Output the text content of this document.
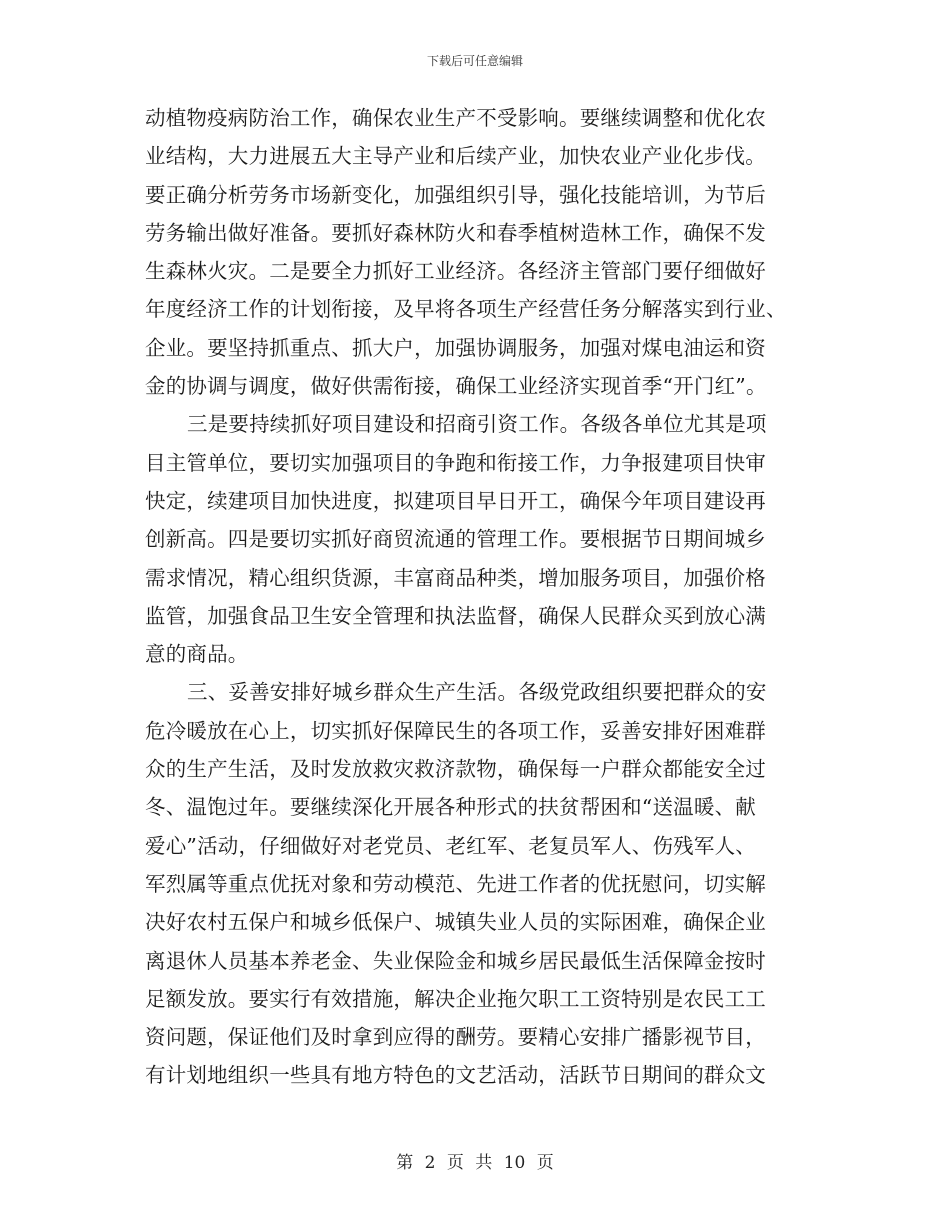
下载后可任意编辑
动植物疫病防治工作，确保农业生产不受影响。要继续调整和优化农
业结构，大力进展五大主导产业和后续产业，加快农业产业化步伐。
要正确分析劳务市场新变化，加强组织引导，强化技能培训，为节后
劳务输出做好准备。要抓好森林防火和春季植树造林工作，确保不发
生森林火灾。二是要全力抓好工业经济。各经济主管部门要仔细做好
年度经济工作的计划衔接，及早将各项生产经营任务分解落实到行业、
企业。要坚持抓重点、抓大户，加强协调服务，加强对煤电油运和资
金的协调与调度，做好供需衔接，确保工业经济实现首季“开门红”。
三是要持续抓好项目建设和招商引资工作。各级各单位尤其是项
目主管单位，要切实加强项目的争跑和衔接工作，力争报建项目快审
快定，续建项目加快进度，拟建项目早日开工，确保今年项目建设再
创新高。四是要切实抓好商贸流通的管理工作。要根据节日期间城乡
需求情况，精心组织货源，丰富商品种类，增加服务项目，加强价格
监管，加强食品卫生安全管理和执法监督，确保人民群众买到放心满
意的商品。
三、妥善安排好城乡群众生产生活。各级党政组织要把群众的安
危冷暖放在心上，切实抓好保障民生的各项工作，妥善安排好困难群
众的生产生活，及时发放救灾救济款物，确保每一户群众都能安全过
冬、温饱过年。要继续深化开展各种形式的扶贫帮困和“送温暖、献
爱心”活动，仔细做好对老党员、老红军、老复员军人、伤残军人、
军烈属等重点优抚对象和劳动模范、先进工作者的优抚慰问，切实解
决好农村五保户和城乡低保户、城镇失业人员的实际困难，确保企业
离退休人员基本养老金、失业保险金和城乡居民最低生活保障金按时
足额发放。要实行有效措施，解决企业拖欠职工工资特别是农民工工
资问题，保证他们及时拿到应得的酬劳。要精心安排广播影视节目，
有计划地组织一些具有地方特色的文艺活动，活跃节日期间的群众文
第 2 页 共 10 页
